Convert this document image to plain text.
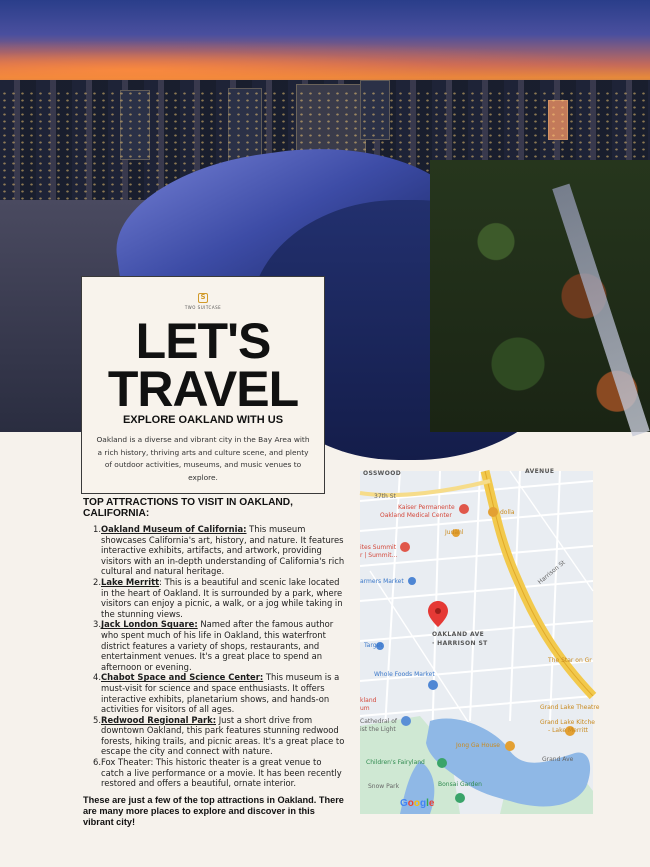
S
TWO SUITCASE
LET'S
TRAVEL
EXPLORE OAKLAND WITH US
Oakland is a diverse and vibrant city in the Bay Area with a rich history, thriving arts and culture scene, and plenty of outdoor activities, museums, and music venues to explore.
TOP ATTRACTIONS TO VISIT IN OAKLAND, CALIFORNIA:
1. Oakland Museum of California: This museum showcases California's art, history, and nature. It features interactive exhibits, artifacts, and artwork, providing visitors with an in-depth understanding of California's rich cultural and natural heritage.
2. Lake Merritt: This is a beautiful and scenic lake located in the heart of Oakland. It is surrounded by a park, where visitors can enjoy a picnic, a walk, or a jog while taking in the stunning views.
3. Jack London Square: Named after the famous author who spent much of his life in Oakland, this waterfront district features a variety of shops, restaurants, and entertainment venues. It's a great place to spend an afternoon or evening.
4. Chabot Space and Science Center: This museum is a must-visit for science and space enthusiasts. It offers interactive exhibits, planetarium shows, and hands-on activities for visitors of all ages.
5. Redwood Regional Park: Just a short drive from downtown Oakland, this park features stunning redwood forests, hiking trails, and picnic areas. It's a great place to escape the city and connect with nature.
6. Fox Theater: This historic theater is a great venue to catch a live performance or a movie. It has been recently restored and offers a beautiful, ornate interior.
These are just a few of the top attractions in Oakland. There are many more places to explore and discover in this vibrant city!
OSSWOOD	AVENUE
37th St
Kaiser Permanente
Oakland Medical Center	dolla
ites Summit
r | Summit...
Judahl
Harrison St
armers Market
OAKLAND AVE
· HARRISON ST
Target
The Star on Gr
Whole Foods Market
kland
um
Cathedral of
ist the Light
Grand Lake Theatre
Grand Lake Kitche
- Lake Merritt
Jong Ga House
Children's Fairyland	Grand Ave
Snow Park	Bonsai Garden
Google
